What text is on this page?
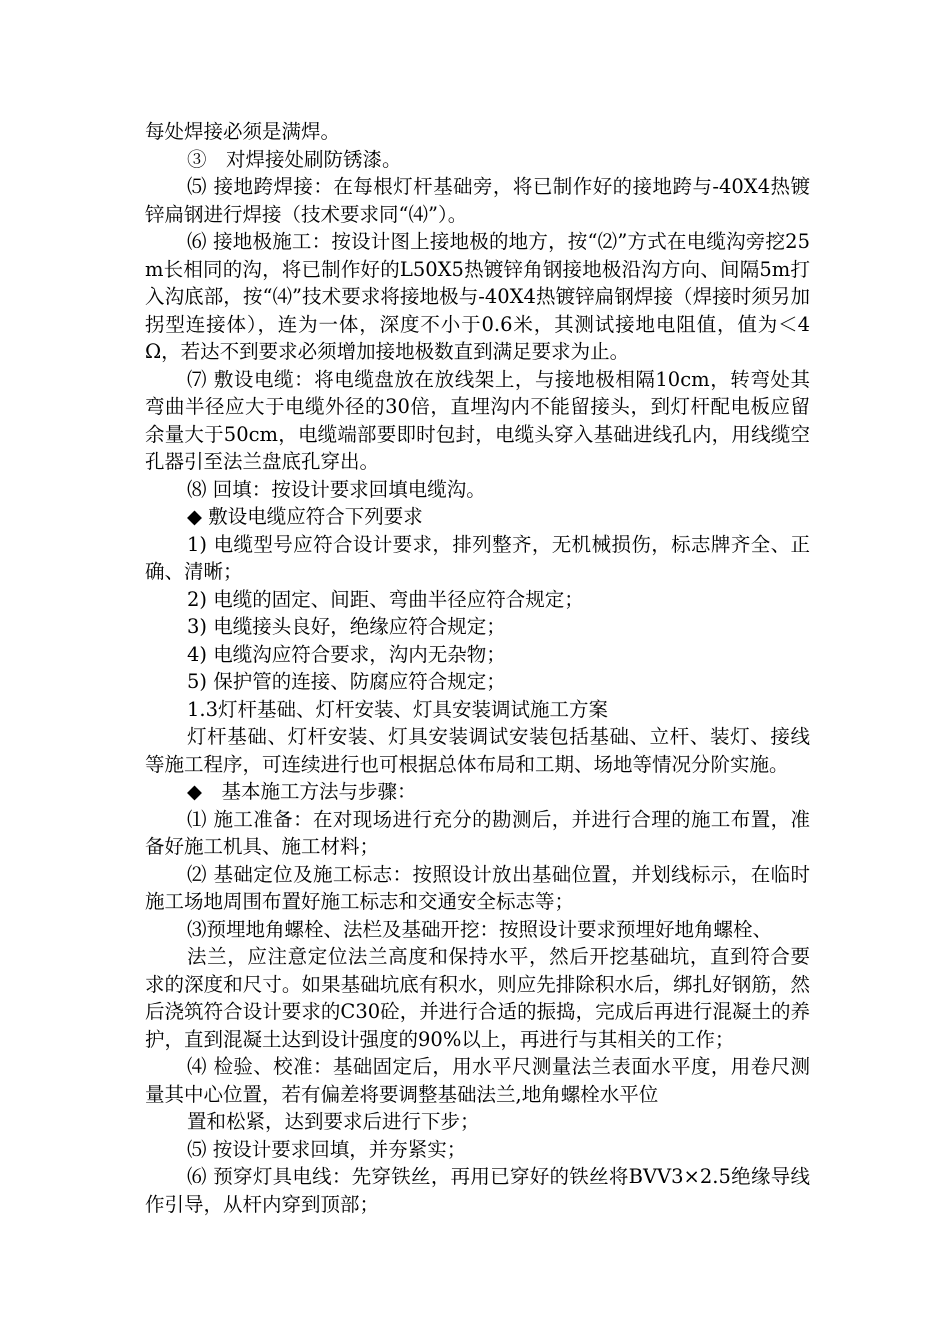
每处焊接必须是满焊。

③　对焊接处刷防锈漆。

⑸ 接地跨焊接：在每根灯杆基础旁，将已制作好的接地跨与-40X4热镀锌扁钢进行焊接（技术要求同“⑷”）。

⑹ 接地极施工：按设计图上接地极的地方，按“⑵”方式在电缆沟旁挖25m长相同的沟，将已制作好的L50X5热镀锌角钢接地极沿沟方向、间隔5m打入沟底部，按“⑷”技术要求将接地极与-40X4热镀锌扁钢焊接（焊接时须另加拐型连接体），连为一体，深度不小于0.6米，其测试接地电阻值，值为＜4Ω，若达不到要求必须增加接地极数直到满足要求为止。

⑺ 敷设电缆：将电缆盘放在放线架上，与接地极相隔10cm，转弯处其弯曲半径应大于电缆外径的30倍，直埋沟内不能留接头，到灯杆配电板应留余量大于50cm，电缆端部要即时包封，电缆头穿入基础进线孔内，用线缆空孔器引至法兰盘底孔穿出。

⑻ 回填：按设计要求回填电缆沟。

◆ 敷设电缆应符合下列要求

1) 电缆型号应符合设计要求，排列整齐，无机械损伤，标志牌齐全、正确、清晰；

2) 电缆的固定、间距、弯曲半径应符合规定；

3) 电缆接头良好，绝缘应符合规定；

4) 电缆沟应符合要求，沟内无杂物；

5) 保护管的连接、防腐应符合规定；

1.3灯杆基础、灯杆安装、灯具安装调试施工方案

灯杆基础、灯杆安装、灯具安装调试安装包括基础、立杆、装灯、接线等施工程序，可连续进行也可根据总体布局和工期、场地等情况分阶实施。

◆　基本施工方法与步骤：

⑴ 施工准备：在对现场进行充分的勘测后，并进行合理的施工布置，准备好施工机具、施工材料；

⑵ 基础定位及施工标志：按照设计放出基础位置，并划线标示，在临时施工场地周围布置好施工标志和交通安全标志等；

⑶预埋地角螺栓、法栏及基础开挖：按照设计要求预埋好地角螺栓、

法兰，应注意定位法兰高度和保持水平，然后开挖基础坑，直到符合要求的深度和尺寸。如果基础坑底有积水，则应先排除积水后，绑扎好钢筋，然后浇筑符合设计要求的C30砼，并进行合适的振捣，完成后再进行混凝土的养护，直到混凝土达到设计强度的90%以上，再进行与其相关的工作；

⑷ 检验、校准：基础固定后，用水平尺测量法兰表面水平度，用卷尺测量其中心位置，若有偏差将要调整基础法兰,地角螺栓水平位

置和松紧，达到要求后进行下步；

⑸ 按设计要求回填，并夯紧实；

⑹ 预穿灯具电线：先穿铁丝，再用已穿好的铁丝将BVV3×2.5绝缘导线作引导，从杆内穿到顶部；
